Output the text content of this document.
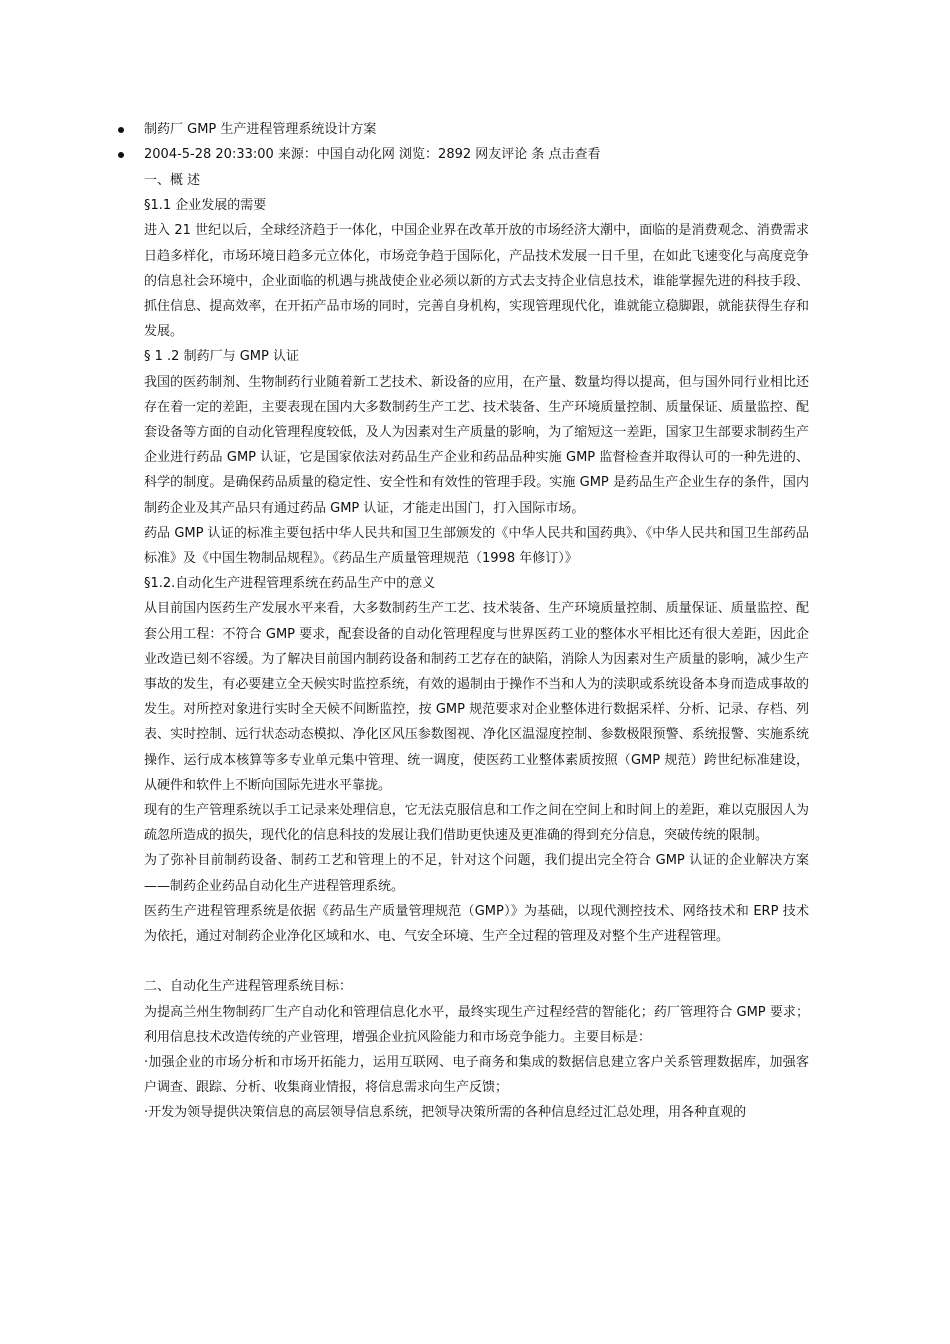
制药厂 GMP 生产进程管理系统设计方案
2004-5-28 20:33:00 来源：中国自动化网 浏览：2892 网友评论 条 点击查看

一、概 述

§1.1 企业发展的需要

进入 21 世纪以后，全球经济趋于一体化，中国企业界在改革开放的市场经济大潮中，面临的是消费观念、消费需求日趋多样化，市场环境日趋多元立体化，市场竞争趋于国际化，产品技术发展一日千里，在如此飞速变化与高度竞争的信息社会环境中，企业面临的机遇与挑战使企业必须以新的方式去支持企业信息技术，谁能掌握先进的科技手段、抓住信息、提高效率，在开拓产品市场的同时，完善自身机构，实现管理现代化，谁就能立稳脚跟，就能获得生存和发展。

§ 1 .2 制药厂与 GMP 认证

我国的医药制剂、生物制药行业随着新工艺技术、新设备的应用，在产量、数量均得以提高，但与国外同行业相比还存在着一定的差距，主要表现在国内大多数制药生产工艺、技术装备、生产环境质量控制、质量保证、质量监控、配套设备等方面的自动化管理程度较低，及人为因素对生产质量的影响，为了缩短这一差距，国家卫生部要求制药生产企业进行药品 GMP 认证，它是国家依法对药品生产企业和药品品种实施 GMP 监督检查并取得认可的一种先进的、科学的制度。是确保药品质量的稳定性、安全性和有效性的管理手段。实施 GMP 是药品生产企业生存的条件，国内制药企业及其产品只有通过药品 GMP 认证，才能走出国门，打入国际市场。

药品 GMP 认证的标准主要包括中华人民共和国卫生部颁发的《中华人民共和国药典》、《中华人民共和国卫生部药品标准》及《中国生物制品规程》。《药品生产质量管理规范（1998 年修订）》

§1.2.自动化生产进程管理系统在药品生产中的意义

从目前国内医药生产发展水平来看，大多数制药生产工艺、技术装备、生产环境质量控制、质量保证、质量监控、配套公用工程：不符合 GMP 要求，配套设备的自动化管理程度与世界医药工业的整体水平相比还有很大差距，因此企业改造已刻不容缓。为了解决目前国内制药设备和制药工艺存在的缺陷，消除人为因素对生产质量的影响，减少生产事故的发生，有必要建立全天候实时监控系统，有效的遏制由于操作不当和人为的渎职或系统设备本身而造成事故的发生。对所控对象进行实时全天候不间断监控，按 GMP 规范要求对企业整体进行数据采样、分析、记录、存档、列表、实时控制、远行状态动态模拟、净化区风压参数图视、净化区温湿度控制、参数极限预警、系统报警、实施系统操作、运行成本核算等多专业单元集中管理、统一调度，使医药工业整体素质按照（GMP 规范）跨世纪标准建设，从硬件和软件上不断向国际先进水平靠拢。

现有的生产管理系统以手工记录来处理信息，它无法克服信息和工作之间在空间上和时间上的差距，难以克服因人为疏忽所造成的损失，现代化的信息科技的发展让我们借助更快速及更准确的得到充分信息，突破传统的限制。

为了弥补目前制药设备、制药工艺和管理上的不足，针对这个问题，我们提出完全符合 GMP 认证的企业解决方案——制药企业药品自动化生产进程管理系统。

医药生产进程管理系统是依据《药品生产质量管理规范（GMP）》为基础，以现代测控技术、网络技术和 ERP 技术为依托，通过对制药企业净化区域和水、电、气安全环境、生产全过程的管理及对整个生产进程管理。

二、自动化生产进程管理系统目标：

为提高兰州生物制药厂生产自动化和管理信息化水平，最终实现生产过程经营的智能化；药厂管理符合 GMP 要求；利用信息技术改造传统的产业管理，增强企业抗风险能力和市场竞争能力。主要目标是：

·加强企业的市场分析和市场开拓能力，运用互联网、电子商务和集成的数据信息建立客户关系管理数据库，加强客户调查、跟踪、分析、收集商业情报，将信息需求向生产反馈；

·开发为领导提供决策信息的高层领导信息系统，把领导决策所需的各种信息经过汇总处理，用各种直观的
